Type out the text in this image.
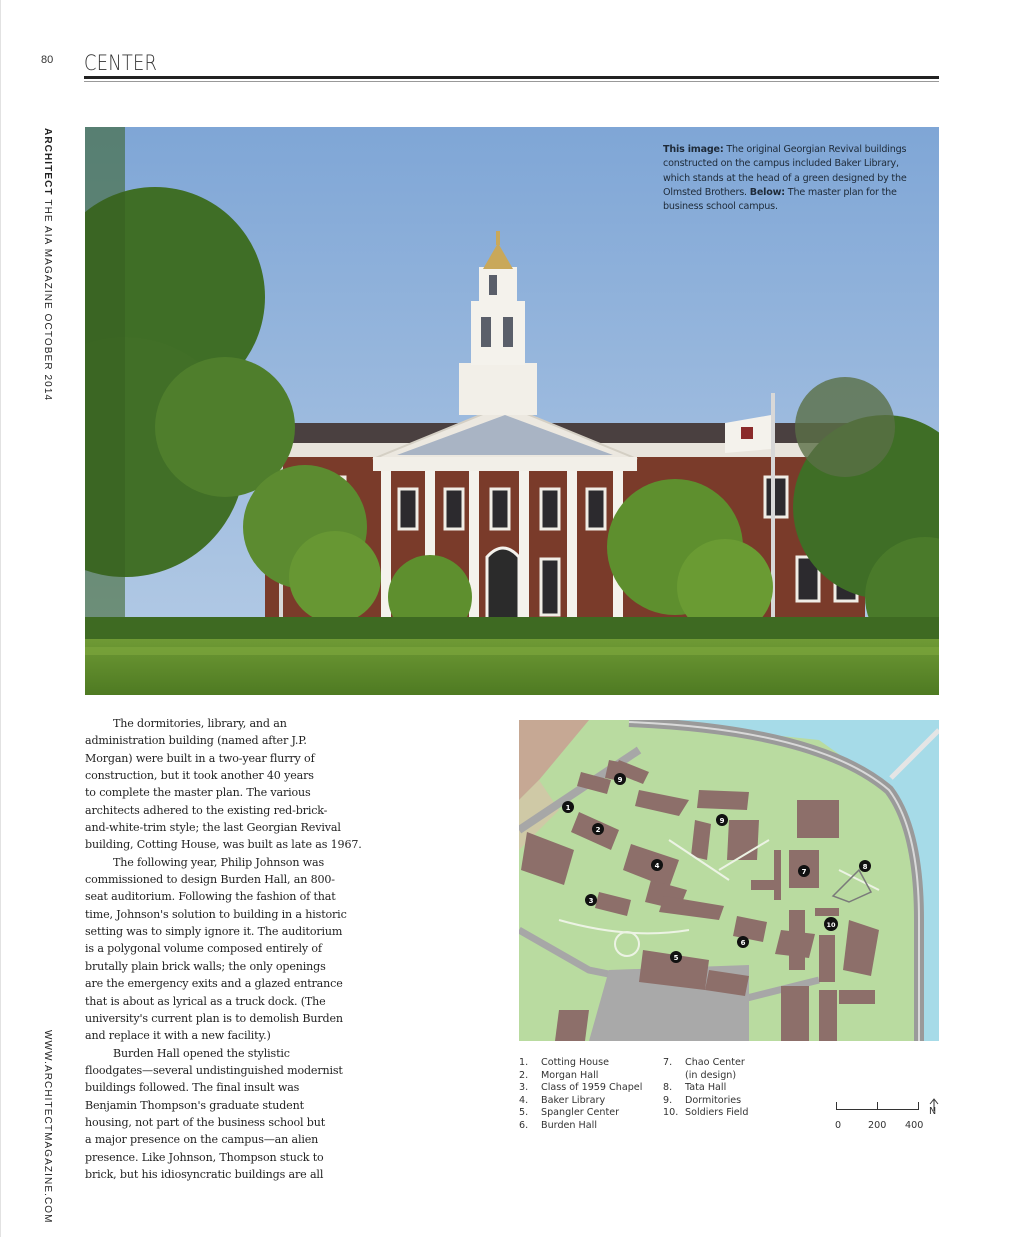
80 CENTER
ARCHITECT THE AIA MAGAZINE OCTOBER 2014
WWW.ARCHITECTMAGAZINE.COM
This image: The original Georgian Revival buildings constructed on the campus included Baker Library, which stands at the head of a green designed by the Olmsted Brothers. Below: The master plan for the business school campus.
The dormitories, library, and an
administration building (named after J.P.
Morgan) were built in a two-year flurry of
construction, but it took another 40 years
to complete the master plan. The various
architects adhered to the existing red-brick-
and-white-trim style; the last Georgian Revival
building, Cotting House, was built as late as 1967.
The following year, Philip Johnson was
commissioned to design Burden Hall, an 800-
seat auditorium. Following the fashion of that
time, Johnson's solution to building in a historic
setting was to simply ignore it. The auditorium
is a polygonal volume composed entirely of
brutally plain brick walls; the only openings
are the emergency exits and a glazed entrance
that is about as lyrical as a truck dock. (The
university's current plan is to demolish Burden
and replace it with a new facility.)
Burden Hall opened the stylistic
floodgates—several undistinguished modernist
buildings followed. The final insult was
Benjamin Thompson's graduate student
housing, not part of the business school but
a major presence on the campus—an alien
presence. Like Johnson, Thompson stuck to
brick, but his idiosyncratic buildings are all
1
2
3
4
5
6
7
8
9
9
10
1.	Cotting House
2.	Morgan Hall
3.	Class of 1959 Chapel
4.	Baker Library
5.	Spangler Center
6.	Burden Hall
7.	Chao Center
(in design)
8.	Tata Hall
9.	Dormitories
10. Soldiers Field
0	200 400
N
